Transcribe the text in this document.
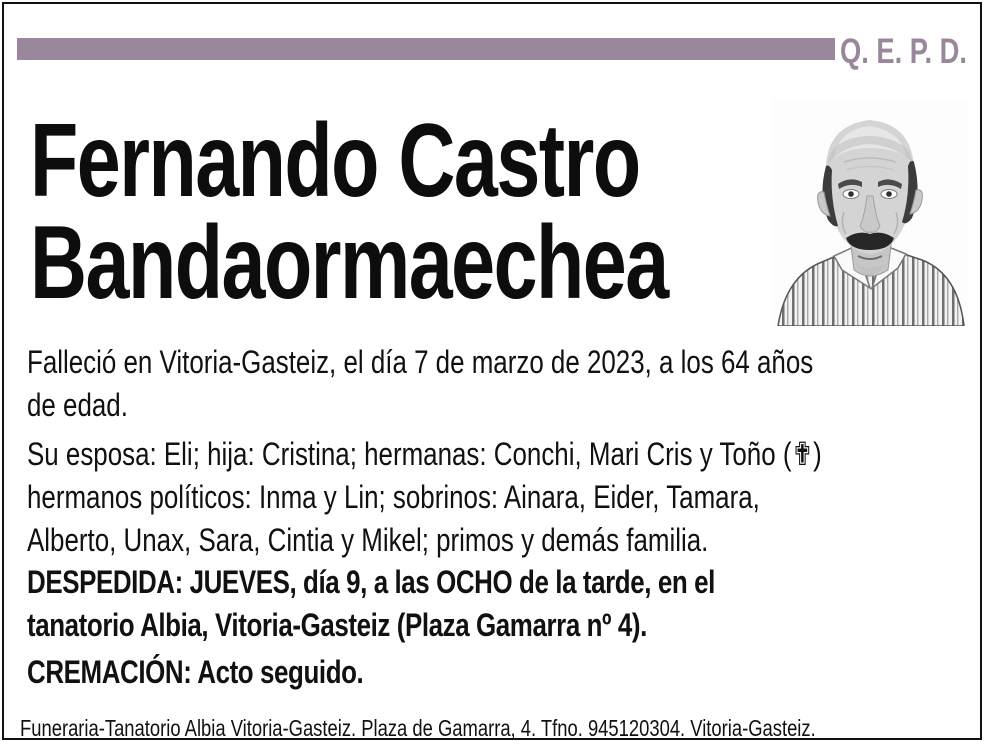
Q. E. P. D.
Fernando Castro
Bandaormaechea
Falleció en Vitoria-Gasteiz, el día 7 de marzo de 2023, a los 64 años
de edad.
Su esposa: Eli; hija: Cristina; hermanas: Conchi, Mari Cris y Toño (✟)
hermanos políticos: Inma y Lin; sobrinos: Ainara, Eider, Tamara,
Alberto, Unax, Sara, Cintia y Mikel; primos y demás familia.
DESPEDIDA: JUEVES, día 9, a las OCHO de la tarde, en el
tanatorio Albia, Vitoria-Gasteiz (Plaza Gamarra nº 4).
CREMACIÓN: Acto seguido.
Funeraria-Tanatorio Albia Vitoria-Gasteiz. Plaza de Gamarra, 4. Tfno. 945120304. Vitoria-Gasteiz.
